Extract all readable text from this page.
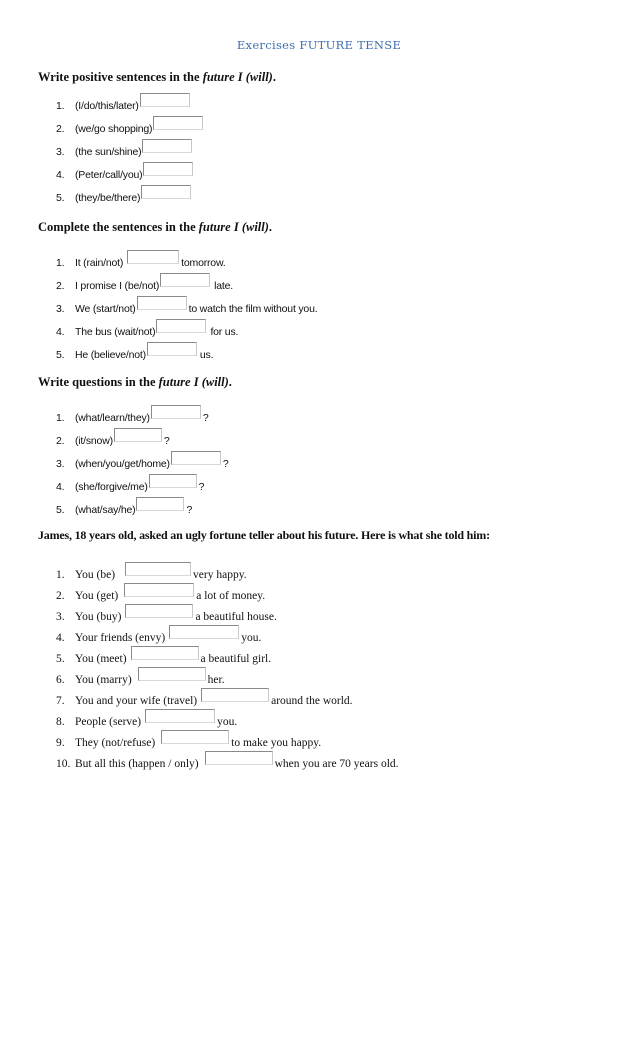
Exercises FUTURE TENSE
Write positive sentences in the future I (will).
1.	(I/do/this/later)
2.	(we/go shopping)
3.	(the sun/shine)
4.	(Peter/call/you)
5.	(they/be/there)
Complete the sentences in the future I (will).
1.	It (rain/not)	tomorrow.
2.	I promise I (be/not)	late.
3.	We (start/not)	to watch the film without you.
4.	The bus (wait/not)	for us.
5.	He (believe/not)	us.
Write questions in the future I (will).
1.	(what/learn/they)	?
2.	(it/snow)	?
3.	(when/you/get/home)	?
4.	(she/forgive/me)	?
5.	(what/say/he)	?
James, 18 years old, asked an ugly fortune teller about his future. Here is what she told him:
1. You (be)	very happy.
2. You (get)	a lot of money.
3. You (buy)	a beautiful house.
4. Your friends (envy)	you.
5. You (meet)	a beautiful girl.
6. You (marry)	her.
7. You and your wife (travel)	around the world.
8. People (serve)	you.
9. They (not/refuse)	to make you happy.
10. But all this (happen / only)	when you are 70 years old.
